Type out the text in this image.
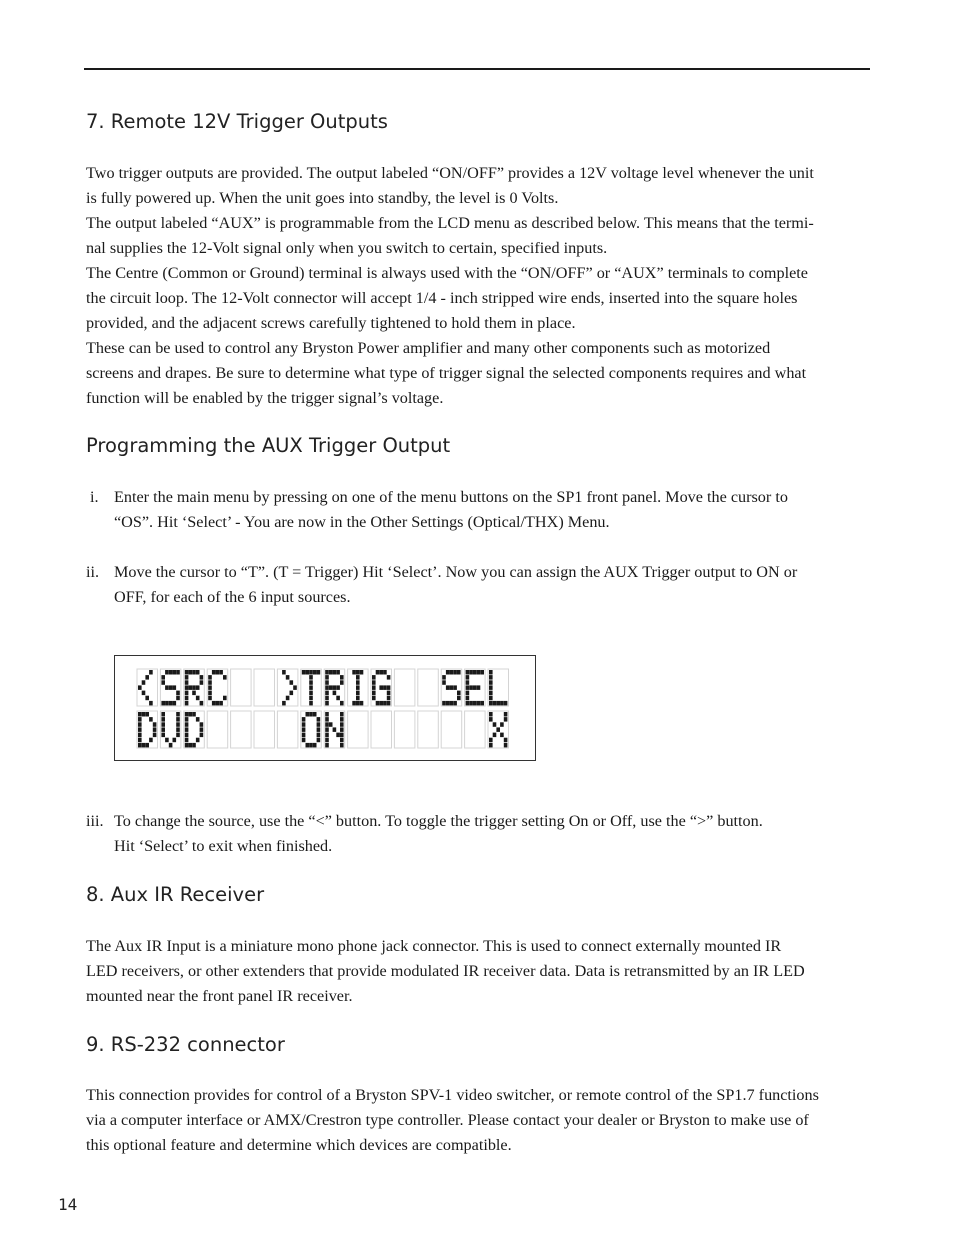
7. Remote 12V Trigger Outputs
Two trigger outputs are provided. The output labeled “ON/OFF” provides a 12V voltage level whenever the unit
is fully powered up. When the unit goes into standby, the level is 0 Volts.
The output labeled “AUX” is programmable from the LCD menu as described below. This means that the termi-
nal supplies the 12-Volt signal only when you switch to certain, specified inputs.
The Centre (Common or Ground) terminal is always used with the “ON/OFF” or “AUX” terminals to complete
the circuit loop. The 12-Volt connector will accept 1/4 - inch stripped wire ends, inserted into the square holes
provided, and the adjacent screws carefully tightened to hold them in place.
These can be used to control any Bryston Power amplifier and many other components such as motorized
screens and drapes. Be sure to determine what type of trigger signal the selected components requires and what
function will be enabled by the trigger signal’s voltage.
Programming the AUX Trigger Output
i. Enter the main menu by pressing on one of the menu buttons on the SP1 front panel. Move the cursor to
“OS”. Hit ‘Select’ - You are now in the Other Settings (Optical/THX) Menu.
ii. Move the cursor to “T”. (T = Trigger) Hit ‘Select’. Now you can assign the AUX Trigger output to ON or
OFF, for each of the 6 input sources.
iii. To change the source, use the “<” button. To toggle the trigger setting On or Off, use the “>” button.
Hit ‘Select’ to exit when finished.
8. Aux IR Receiver
The Aux IR Input is a miniature mono phone jack connector. This is used to connect externally mounted IR
LED receivers, or other extenders that provide modulated IR receiver data. Data is retransmitted by an IR LED
mounted near the front panel IR receiver.
9. RS-232 connector
This connection provides for control of a Bryston SPV-1 video switcher, or remote control of the SP1.7 functions
via a computer interface or AMX/Crestron type controller. Please contact your dealer or Bryston to make use of
this optional feature and determine which devices are compatible.
14
